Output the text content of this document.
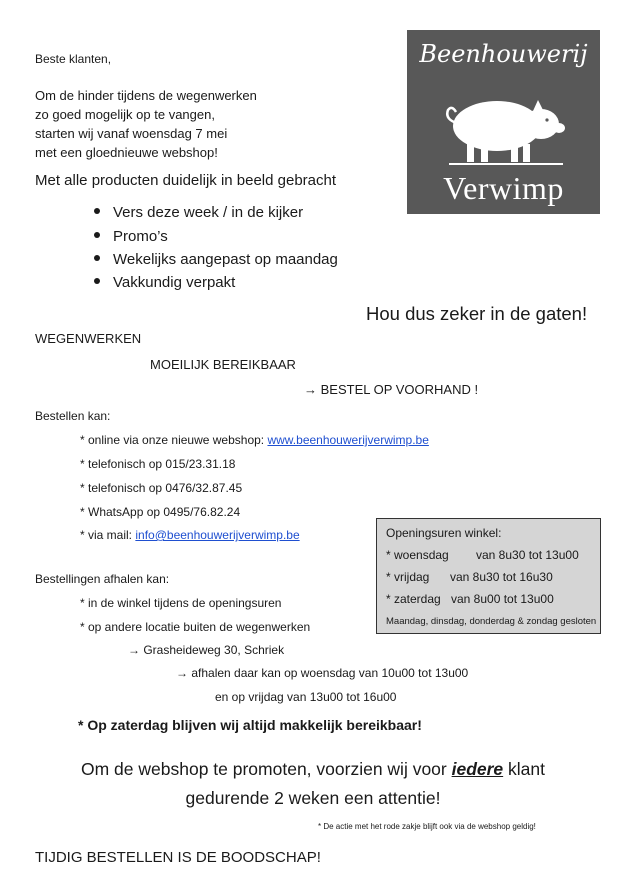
Beste klanten,
Om de hinder tijdens de wegenwerken
zo goed mogelijk op te vangen,
starten wij vanaf woensdag 7 mei
met een gloednieuwe webshop!
Met alle producten duidelijk in beeld gebracht
Vers deze week / in de kijker
Promo’s
Wekelijks aangepast op maandag
Vakkundig verpakt
Beenhouwerij
Verwimp
Hou dus zeker in de gaten!
WEGENWERKEN
MOEILIJK BEREIKBAAR
→ BESTEL OP VOORHAND !
Bestellen kan:
* online via onze nieuwe webshop: www.beenhouwerijverwimp.be
* telefonisch op 015/23.31.18
* telefonisch op 0476/32.87.45
* WhatsApp op 0495/76.82.24
* via mail: info@beenhouwerijverwimp.be	Openingsuren winkel:
* woensdag van 8u30 tot 13u00
* vrijdag van 8u30 tot 16u30
* zaterdag van 8u00 tot 13u00
Maandag, dinsdag, donderdag & zondag gesloten
Bestellingen afhalen kan:
* in de winkel tijdens de openingsuren
* op andere locatie buiten de wegenwerken
→ Grasheideweg 30, Schriek
→ afhalen daar kan op woensdag van 10u00 tot 13u00
en op vrijdag van 13u00 tot 16u00
* Op zaterdag blijven wij altijd makkelijk bereikbaar!
Om de webshop te promoten, voorzien wij voor iedere klant
gedurende 2 weken een attentie!
* De actie met het rode zakje blijft ook via de webshop geldig!
TIJDIG BESTELLEN IS DE BOODSCHAP!
